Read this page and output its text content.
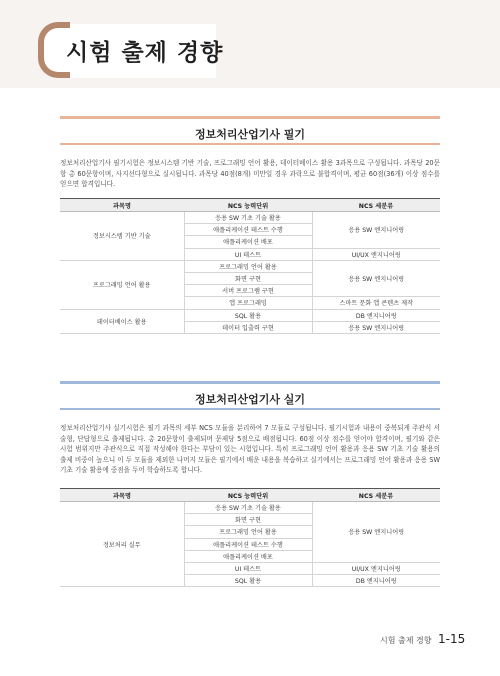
시험 출제 경향
정보처리산업기사 필기
정보처리산업기사 필기시험은 정보시스템 기반 기술, 프로그래밍 언어 활용, 데이터베이스 활용 3과목으로 구성됩니다. 과목당 20문항 총 60문항이며, 사지선다형으로 실시됩니다. 과목당 40점(8개) 미만일 경우 과락으로 불합격이며, 평균 60점(36개) 이상 점수를 얻으면 합격입니다.
과목명	NCS 능력단위	NCS 세분류
정보시스템 기반 기술	응용 SW 기초 기술 활용	응용 SW 엔지니어링
	애플리케이션 테스트 수행	
	애플리케이션 배포	
	UI 테스트	UI/UX 엔지니어링
프로그래밍 언어 활용	프로그래밍 언어 활용	응용 SW 엔지니어링
	화면 구현	
	서버 프로그램 구현	
	앱 프로그래밍	스마트 문화 앱 콘텐츠 제작
데이터베이스 활용	SQL 활용	DB 엔지니어링
	데이터 입출력 구현	응용 SW 엔지니어링
정보처리산업기사 실기
정보처리산업기사 실기시험은 필기 과목의 세부 NCS 모듈을 분리하여 7 모듈로 구성됩니다. 필기시험과 내용이 중복되게 주관식 서술형, 단답형으로 출제됩니다. 총 20문항이 출제되며 문제당 5점으로 배점됩니다. 60점 이상 점수를 얻어야 합격이며, 필기와 같은 시험 범위지만 주관식으로 직접 작성해야 한다는 부담이 있는 시험입니다. 특히 프로그래밍 언어 활용과 응용 SW 기초 기술 활용의 출제 비중이 높으니 이 두 모듈을 제외한 나머지 모듈은 필기에서 배운 내용을 복습하고 실기에서는 프로그래밍 언어 활용과 응용 SW 기초 기술 활용에 중점을 두어 학습하도록 합니다.
과목명	NCS 능력단위	NCS 세분류
정보처리 실무	응용 SW 기초 기술 활용	응용 SW 엔지니어링
	화면 구현	
	프로그래밍 언어 활용	
	애플리케이션 테스트 수행	
	애플리케이션 배포	
	UI 테스트	UI/UX 엔지니어링
	SQL 활용	DB 엔지니어링
시험 출제 경향 1-15
